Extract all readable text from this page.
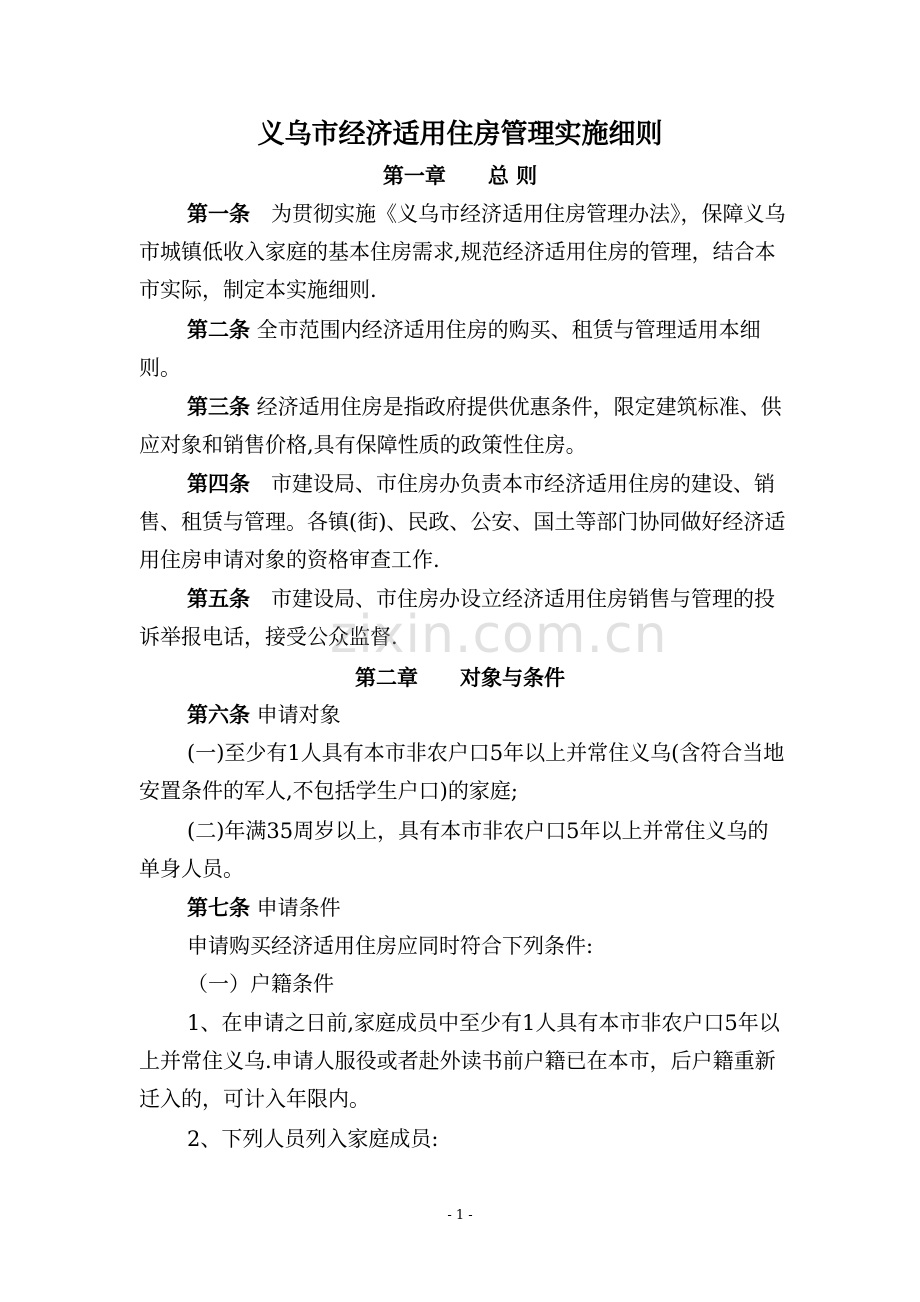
义乌市经济适用住房管理实施细则
第一章　　总 则

第一条　为贯彻实施《义乌市经济适用住房管理办法》，保障义乌市城镇低收入家庭的基本住房需求,规范经济适用住房的管理，结合本市实际，制定本实施细则.

第二条 全市范围内经济适用住房的购买、租赁与管理适用本细则。

第三条 经济适用住房是指政府提供优惠条件，限定建筑标准、供应对象和销售价格,具有保障性质的政策性住房。

第四条　市建设局、市住房办负责本市经济适用住房的建设、销售、租赁与管理。各镇(街)、民政、公安、国土等部门协同做好经济适用住房申请对象的资格审查工作.

第五条　市建设局、市住房办设立经济适用住房销售与管理的投诉举报电话，接受公众监督.

zixin.com.cn
第二章　　对象与条件

第六条 申请对象

(一)至少有1人具有本市非农户口5年以上并常住义乌(含符合当地安置条件的军人,不包括学生户口)的家庭;

(二)年满35周岁以上，具有本市非农户口5年以上并常住义乌的单身人员。

第七条 申请条件

申请购买经济适用住房应同时符合下列条件:

（一）户籍条件

1、在申请之日前,家庭成员中至少有1人具有本市非农户口5年以上并常住义乌.申请人服役或者赴外读书前户籍已在本市，后户籍重新迁入的，可计入年限内。

2、下列人员列入家庭成员:

- 1 -
